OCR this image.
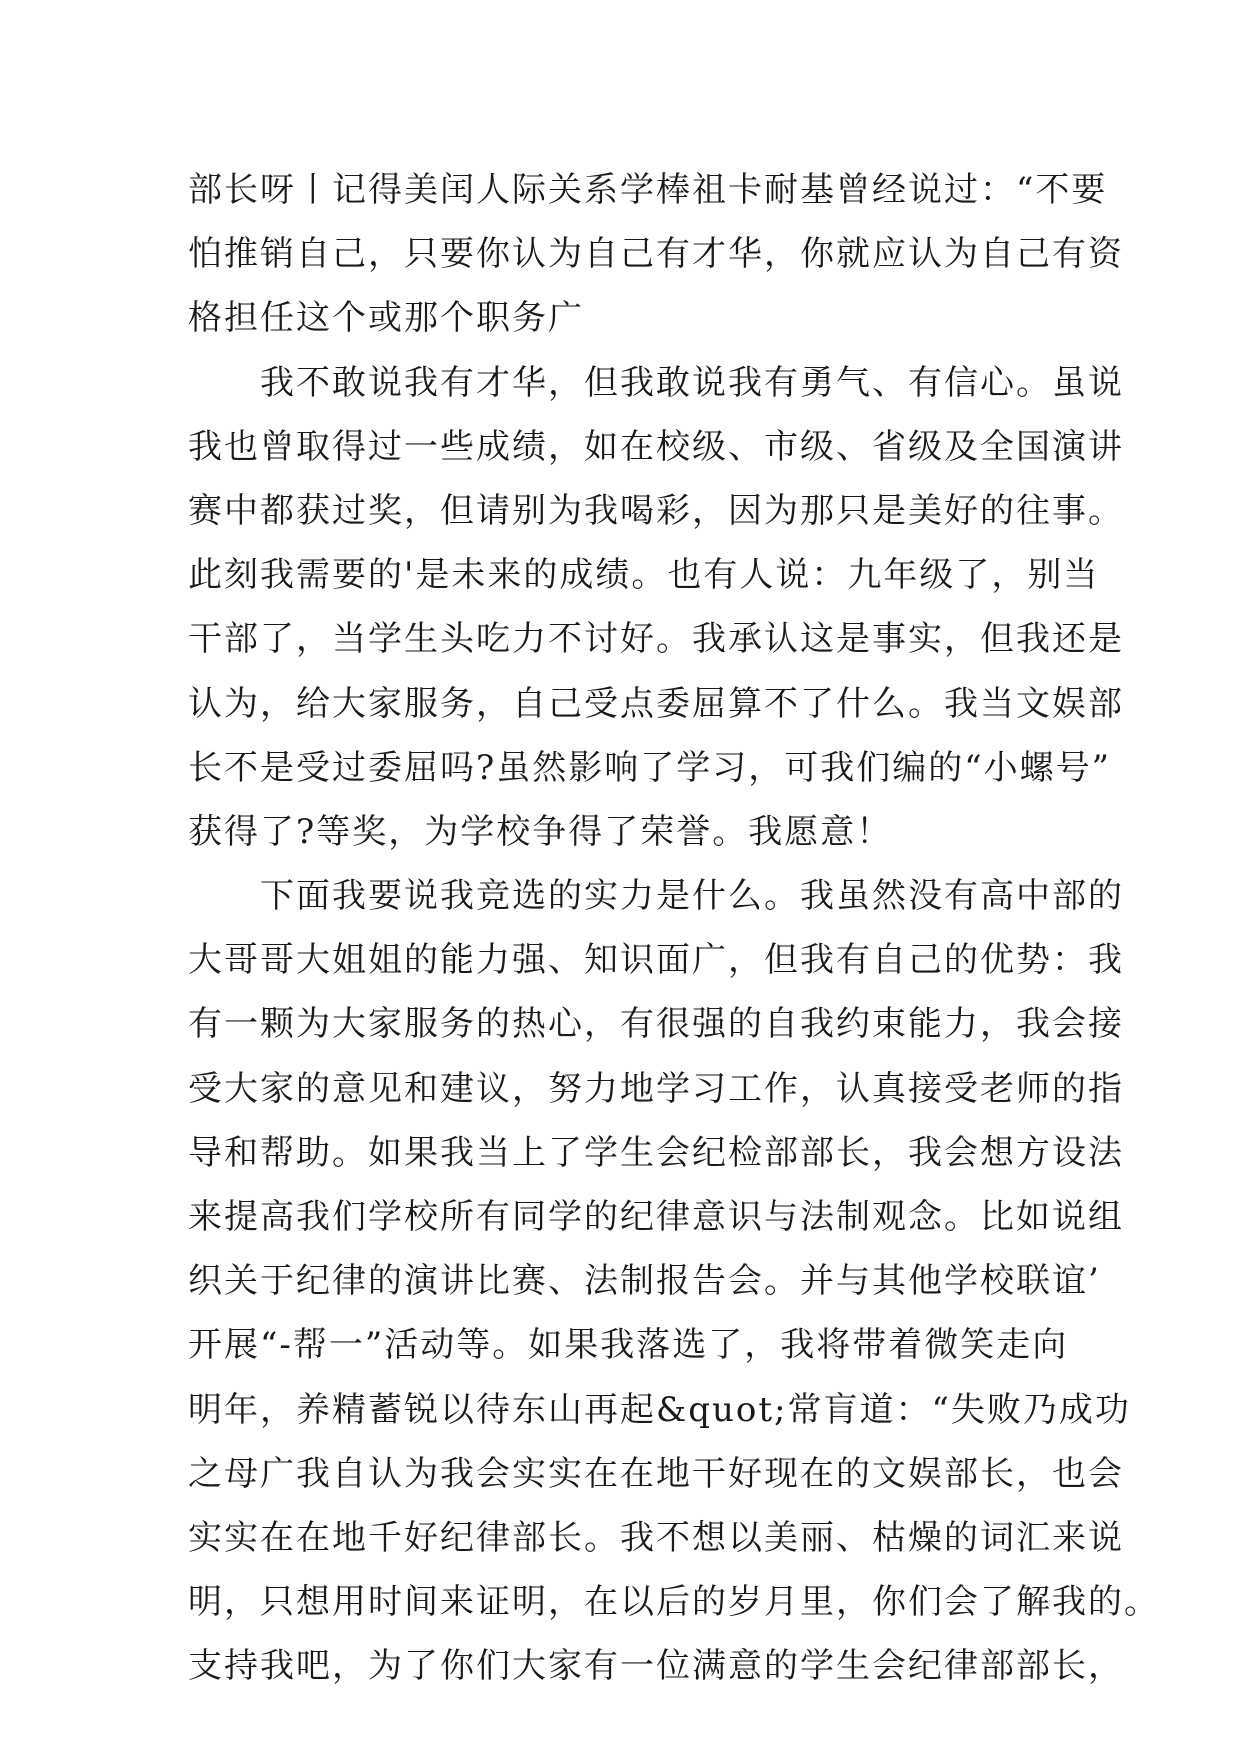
部长呀丨记得美闰人际关系学棒祖卡耐基曾经说过：“不要
怕推销自己，只要你认为自己有才华，你就应认为自己有资
格担任这个或那个职务广
我不敢说我有才华，但我敢说我有勇气、有信心。虽说
我也曾取得过一些成绩，如在校级、市级、省级及全国演讲
赛中都获过奖，但请别为我喝彩，因为那只是美好的往事。
此刻我需要的'是未来的成绩。也有人说：九年级了，别当
干部了，当学生头吃力不讨好。我承认这是事实，但我还是
认为，给大家服务，自己受点委屈算不了什么。我当文娱部
长不是受过委屈吗?虽然影响了学习，可我们编的“小螺号”
获得了?等奖，为学校争得了荣誉。我愿意！
下面我要说我竞选的实力是什么。我虽然没有高中部的
大哥哥大姐姐的能力强、知识面广，但我有自己的优势：我
有一颗为大家服务的热心，有很强的自我约束能力，我会接
受大家的意见和建议，努力地学习工作，认真接受老师的指
导和帮助。如果我当上了学生会纪检部部长，我会想方设法
来提高我们学校所有同学的纪律意识与法制观念。比如说组
织关于纪律的演讲比赛、法制报告会。并与其他学校联谊’
开展“-帮一”活动等。如果我落选了，我将带着微笑走向
明年，养精蓄锐以待东山再起&quot;常肓道：“失败乃成功
之母广我自认为我会实实在在地干好现在的文娱部长，也会
实实在在地千好纪律部长。我不想以美丽、枯燥的词汇来说
明，只想用时间来证明，在以后的岁月里，你们会了解我的。
支持我吧，为了你们大家有一位满意的学生会纪律部部长，
